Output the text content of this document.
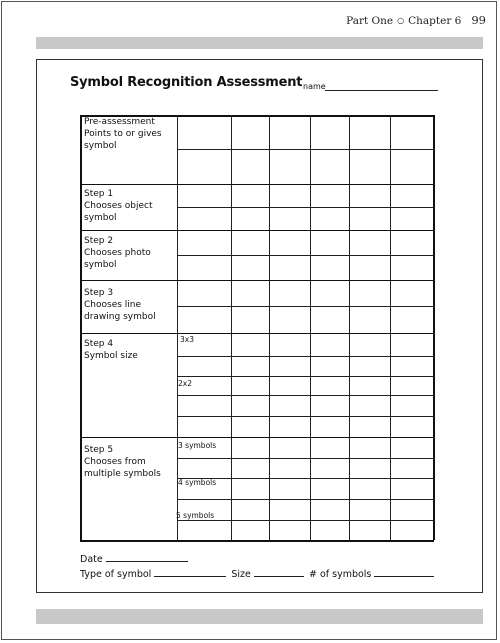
Part One ○ Chapter 6 99
Symbol Recognition Assessment name
Pre-assessment
Points to or gives
symbol
Step 1
Chooses object
symbol
Step 2
Chooses photo
symbol
Step 3
Chooses line
drawing symbol
Step 4
Symbol size
Step 5
Chooses from
multiple symbols
3x3
2x2
3 symbols
4 symbols
5 symbols
Date
Type of symbol	Size	# of symbols
